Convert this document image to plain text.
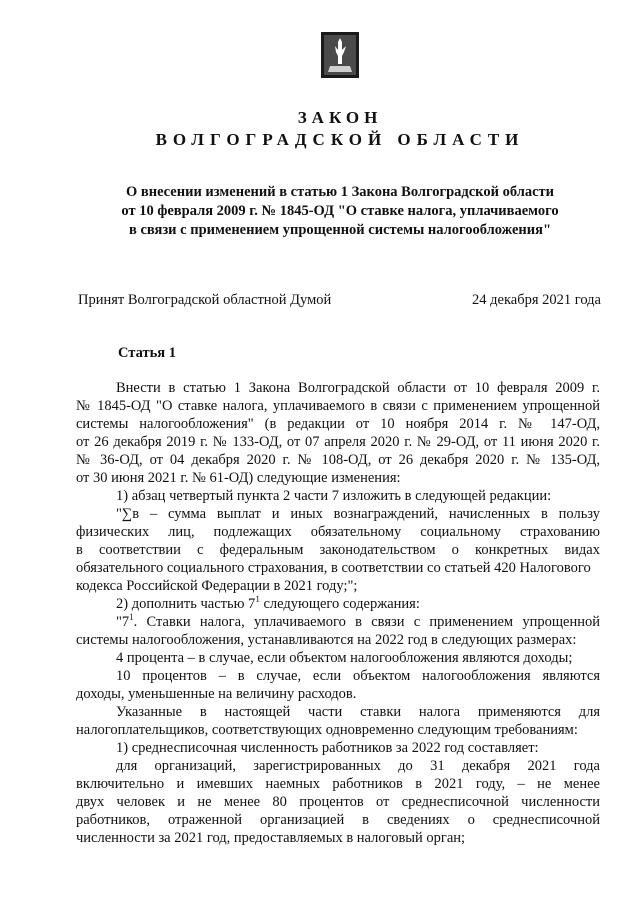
ЗАКОН
ВОЛГОГРАДСКОЙ ОБЛАСТИ
О внесении изменений в статью 1 Закона Волгоградской области
от 10 февраля 2009 г. № 1845-ОД "О ставке налога, уплачиваемого
в связи с применением упрощенной системы налогообложения"
Принят Волгоградской областной Думой	24 декабря 2021 года
Статья 1
Внести в статью 1 Закона Волгоградской области от 10 февраля 2009 г.
№ 1845-ОД "О ставке налога, уплачиваемого в связи с применением упрощенной
системы налогообложения" (в редакции от 10 ноября 2014 г. № 147-ОД,
от 26 декабря 2019 г. № 133-ОД, от 07 апреля 2020 г. № 29-ОД, от 11 июня 2020 г.
№ 36-ОД, от 04 декабря 2020 г. № 108-ОД, от 26 декабря 2020 г. № 135-ОД,
от 30 июня 2021 г. № 61-ОД) следующие изменения:
1) абзац четвертый пункта 2 части 7 изложить в следующей редакции:
"∑в – сумма выплат и иных вознаграждений, начисленных в пользу
физических лиц, подлежащих обязательному социальному страхованию
в соответствии с федеральным законодательством о конкретных видах
обязательного социального страхования, в соответствии со статьей 420 Налогового
кодекса Российской Федерации в 2021 году;";
2) дополнить частью $7^1$ следующего содержания:
"$7^1$. Ставки налога, уплачиваемого в связи с применением упрощенной
системы налогообложения, устанавливаются на 2022 год в следующих размерах:
4 процента – в случае, если объектом налогообложения являются доходы;
10 процентов – в случае, если объектом налогообложения являются
доходы, уменьшенные на величину расходов.
Указанные в настоящей части ставки налога применяются для
налогоплательщиков, соответствующих одновременно следующим требованиям:
1) среднесписочная численность работников за 2022 год составляет:
для организаций, зарегистрированных до 31 декабря 2021 года
включительно и имевших наемных работников в 2021 году, – не менее
двух человек и не менее 80 процентов от среднесписочной численности
работников, отраженной организацией в сведениях о среднесписочной
численности за 2021 год, предоставляемых в налоговый орган;
